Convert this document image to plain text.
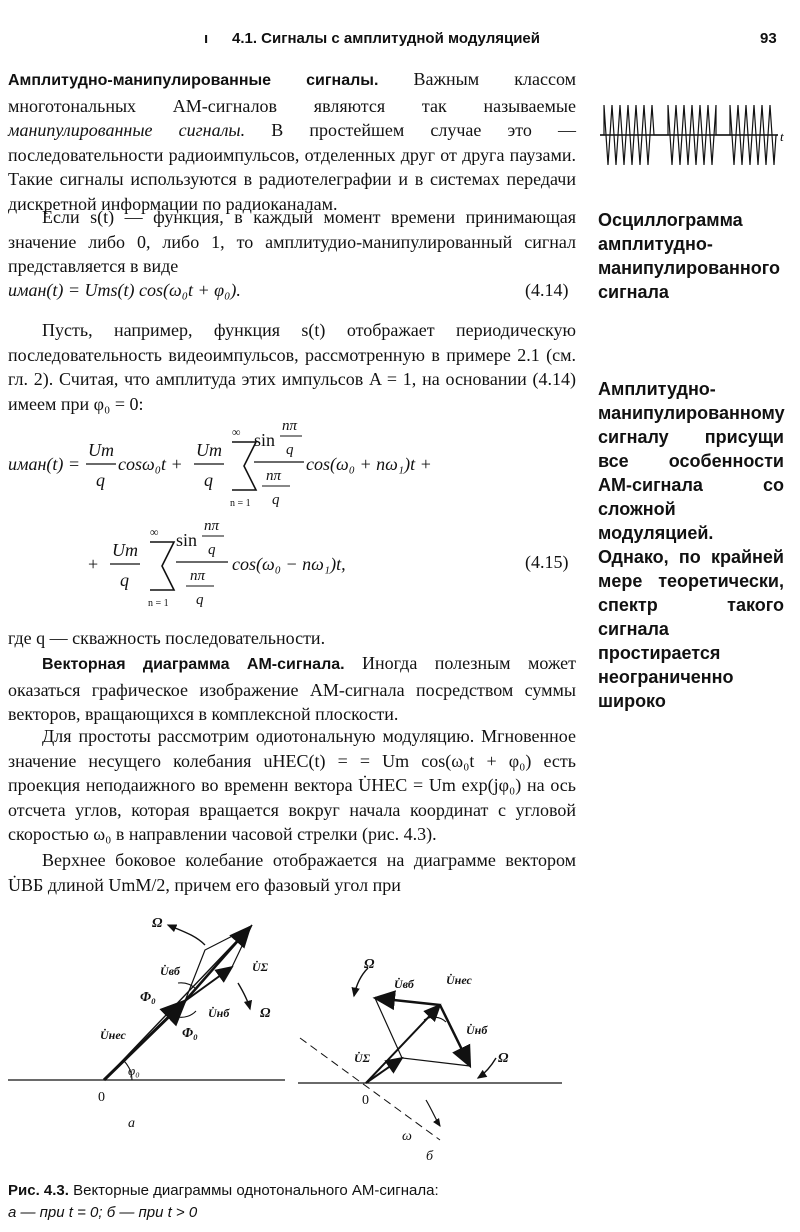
ı 4.1. Сигналы с амплитудной модуляцией	93
Амплитудно-манипулированные сигналы. Важным классом многотональных АМ-сигналов являются так называемые манипулированные сигналы. В простейшем случае это — последовательности радиоимпульсов, отделенных друг от друга паузами. Такие сигналы используются в радиотелеграфии и в системах передачи дискретной информации по радиоканалам.
Если s(t) — функция, в каждый момент времени принимающая значение либо 0, либо 1, то амплитудио-манипулированный сигнал представляется в виде
uман(t) = Ums(t) cos(ω₀t + φ₀).	(4.14)
Пусть, например, функция s(t) отображает периодическую последовательность видеоимпульсов, рассмотренную в примере 2.1 (см. гл. 2). Считая, что амплитуда этих импульсов A = 1, на основании (4.14) имеем при φ₀ = 0:
uман(t) =
Um
q
cosω₀t +
Um
q
∞
n = 1
sin
nπ
q
nπ
q
cos(ω₀ + nω₁)t +
+
Um
q
∞
n = 1
sin
nπ
q
nπ
q
cos(ω₀ − nω₁)t,	(4.15)
где q — скважность последовательности.
Векторная диаграмма АМ-сигнала. Иногда полезным может оказаться графическое изображение АМ-сигнала посредством суммы векторов, вращающихся в комплексной плоскости.
Для простоты рассмотрим одиотональную модуляцию. Мгновенное значение несущего колебания uНЕС(t) = = Um cos(ω₀t + φ₀) есть проекция неподаижного во временн вектора U̇НЕС = Um exp(jφ₀) на ось отсчета углов, которая вращается вокруг начала координат с угловой скоростью ω₀ в направлении часовой стрелки (рис. 4.3).
Верхнее боковое колебание отображается на диаграмме вектором U̇ВБ длиной UmM/2, причем его фазовый угол при
t
Осциллограмма амплитудно-манипулированного сигнала
Амплитудно-манипулированному сигналу присущи все особенности АМ-сигнала со сложной модуляцией. Однако, по крайней мере теоретически, спектр такого сигнала простирается неограниченно широко
Ω
U̇вб	U̇Σ
Φ₀
Φ₀
U̇нб Ω
U̇нес
φ₀
0
а
Ω
U̇вб	U̇нес
U̇нб
U̇Σ	Ω
0
ω
б
Рис. 4.3. Векторные диаграммы однотонального АМ-сигнала:
а — при t = 0; б — при t > 0
